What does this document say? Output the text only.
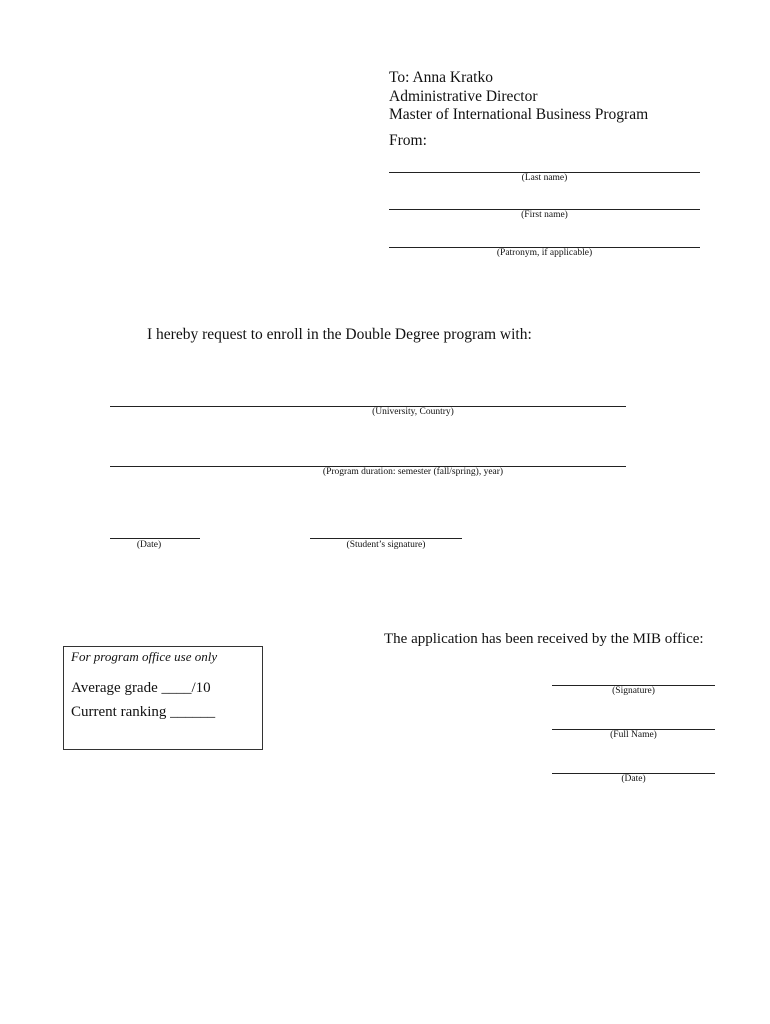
To: Anna Kratko
Administrative Director
Master of International Business Program
From:
(Last name)
(First name)
(Patronym, if applicable)
I hereby request to enroll in the Double Degree program with:
(University, Country)
(Program duration: semester (fall/spring), year)
(Date)	(Student’s signature)
For program office use only
Average grade ____/10
Current ranking ______
The application has been received by the MIB office:
(Signature)
(Full Name)
(Date)
